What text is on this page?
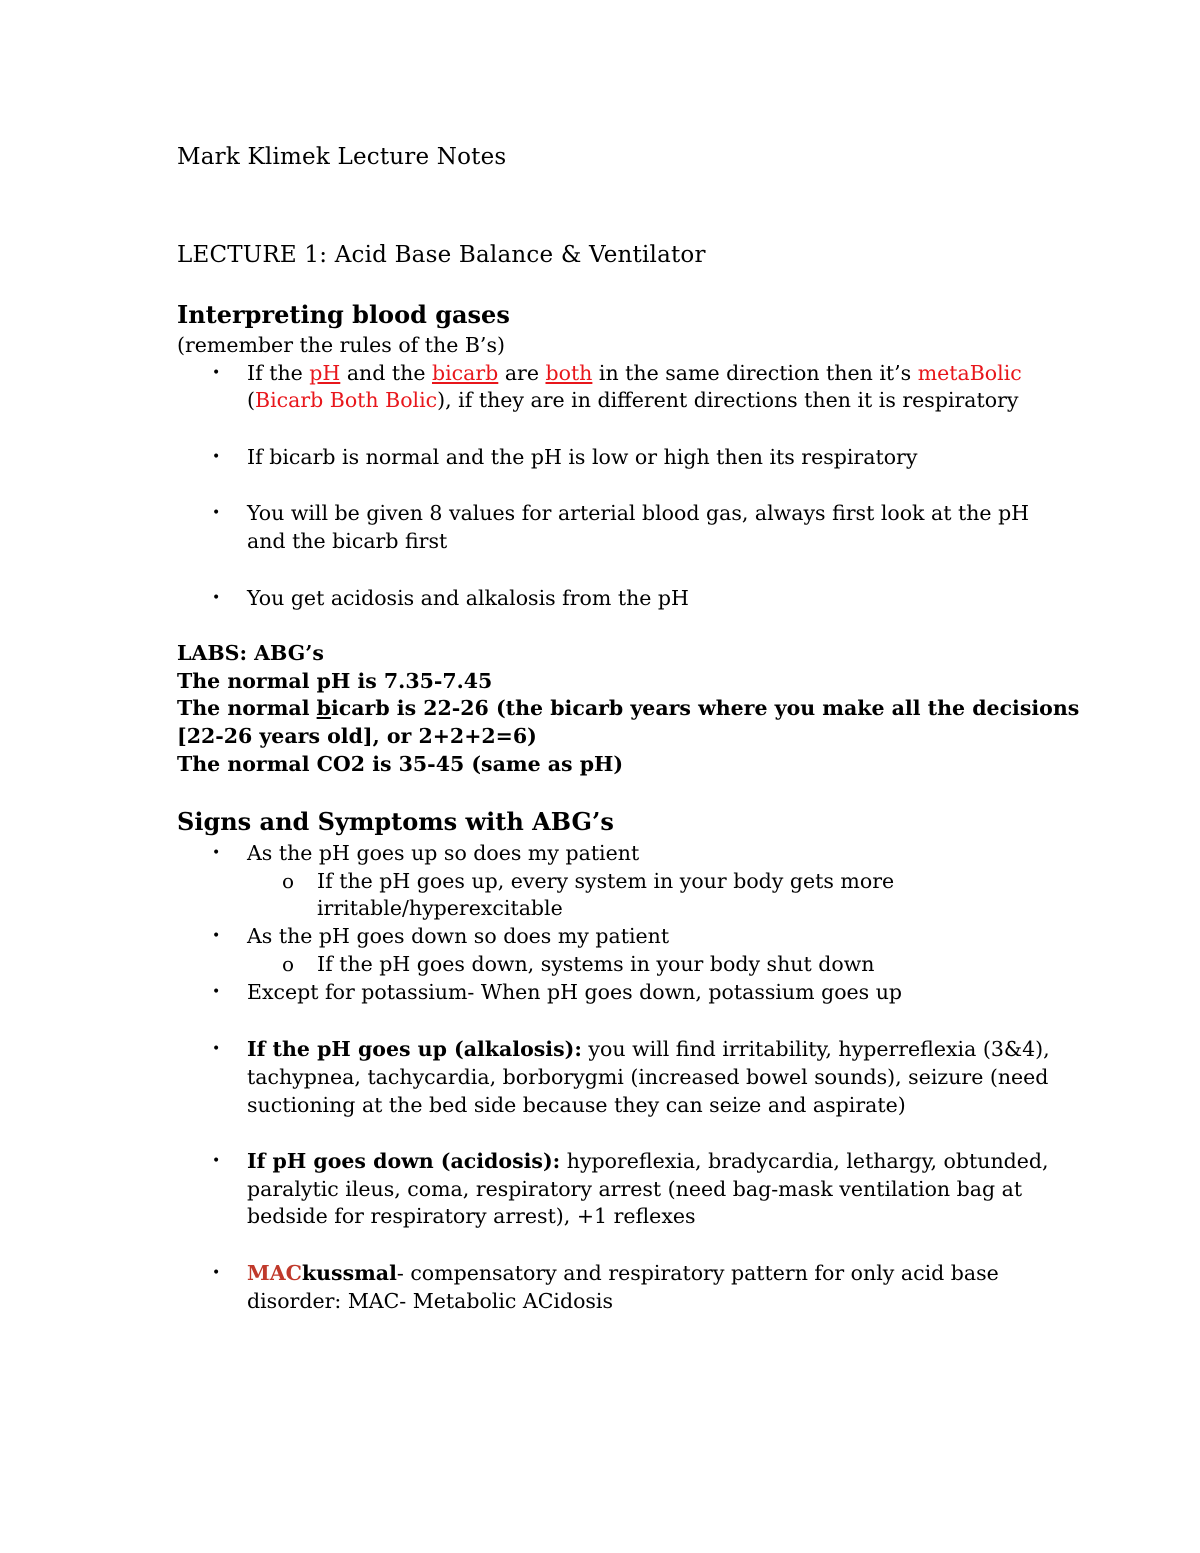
Mark Klimek Lecture Notes
LECTURE 1: Acid Base Balance & Ventilator
Interpreting blood gases
(remember the rules of the B’s)
• If the pH and the bicarb are both in the same direction then it’s metaBolic
(Bicarb Both Bolic), if they are in different directions then it is respiratory
• If bicarb is normal and the pH is low or high then its respiratory
• You will be given 8 values for arterial blood gas, always first look at the pH
and the bicarb first
• You get acidosis and alkalosis from the pH
LABS: ABG’s
The normal pH is 7.35-7.45
The normal bicarb is 22-26 (the bicarb years where you make all the decisions
[22-26 years old], or 2+2+2=6)
The normal CO2 is 35-45 (same as pH)
Signs and Symptoms with ABG’s
• As the pH goes up so does my patient
o If the pH goes up, every system in your body gets more
irritable/hyperexcitable
• As the pH goes down so does my patient
o If the pH goes down, systems in your body shut down
• Except for potassium- When pH goes down, potassium goes up
• If the pH goes up (alkalosis): you will find irritability, hyperreflexia (3&4),
tachypnea, tachycardia, borborygmi (increased bowel sounds), seizure (need
suctioning at the bed side because they can seize and aspirate)
• If pH goes down (acidosis): hyporeflexia, bradycardia, lethargy, obtunded,
paralytic ileus, coma, respiratory arrest (need bag-mask ventilation bag at
bedside for respiratory arrest), +1 reflexes
• MACkussmal- compensatory and respiratory pattern for only acid base
disorder: MAC- Metabolic ACidosis
